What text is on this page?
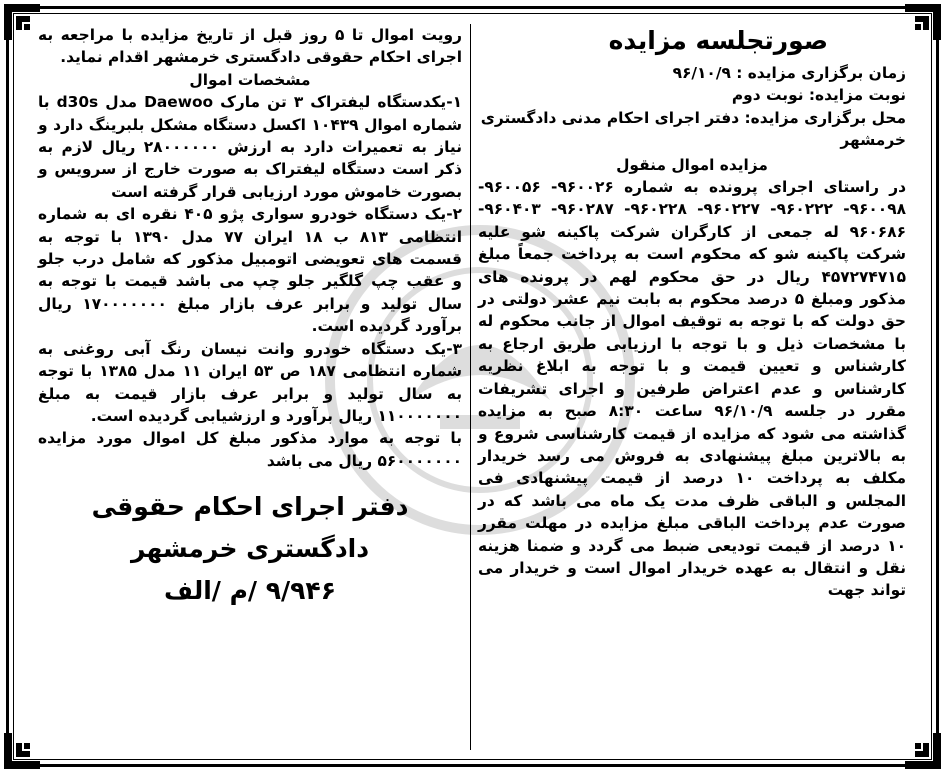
صورتجلسه مزایده

زمان برگزاری مزایده : ۹۶/۱۰/۹

نوبت مزایده: نوبت دوم

محل برگزاری مزایده: دفتر اجرای احکام مدنی دادگستری خرمشهر

مزایده اموال منقول

در راستای اجرای پرونده به شماره ۹۶۰۰۲۶- ۹۶۰۰۵۶- ۹۶۰۰۹۸- ۹۶۰۲۲۲- ۹۶۰۲۲۷- ۹۶۰۲۲۸- ۹۶۰۲۸۷- ۹۶۰۴۰۳- ۹۶۰۶۸۶ له جمعی از کارگران شرکت پاکینه شو علیه شرکت پاکینه شو که محکوم است به پرداخت جمعاً مبلغ ۴۵۷۲۷۴۷۱۵ ریال در حق محکوم لهم در پرونده های مذکور ومبلغ ۵ درصد محکوم به بابت نیم عشر دولتی در حق دولت که با توجه به توقیف اموال از جانب محکوم له با مشخصات ذیل و با توجه با ارزیابی طریق ارجاع به کارشناس و تعیین قیمت و با توجه به ابلاغ نظریه کارشناس و عدم اعتراض طرفین و اجرای تشریفات مقرر در جلسه ۹۶/۱۰/۹ ساعت ۸:۳۰ صبح به مزایده گذاشته می شود که مزایده از قیمت کارشناسی شروع و به بالاترین مبلغ پیشنهادی به فروش می رسد خریدار مکلف به پرداخت ۱۰ درصد از قیمت پیشنهادی فی المجلس و الباقی ظرف مدت یک ماه می باشد که در صورت عدم پرداخت الباقی مبلغ مزایده در مهلت مقرر ۱۰ درصد از قیمت تودیعی ضبط می گردد و ضمنا هزینه نقل و انتقال به عهده خریدار اموال است و خریدار می تواند جهت

رویت اموال تا ۵ روز قبل از تاریخ مزایده با مراجعه به اجرای احکام حقوقی دادگستری خرمشهر اقدام نماید.

مشخصات اموال

۱-یکدستگاه لیفتراک ۳ تن مارک Daewoo مدل d30s با شماره اموال ۱۰۴۳۹ اکسل دستگاه مشکل بلبرینگ دارد و نیاز به تعمیرات دارد به ارزش ۲۸۰۰۰۰۰۰ ریال لازم به ذکر است دستگاه لیفتراک به صورت خارج از سرویس و بصورت خاموش مورد ارزیابی قرار گرفته است

۲-یک دستگاه خودرو سواری پژو ۴۰۵ نقره ای به شماره انتظامی ۸۱۳ ب ۱۸ ایران ۷۷ مدل ۱۳۹۰ با توجه به قسمت های تعویضی اتومبیل مذکور که شامل درب جلو و عقب چپ گلگیر جلو چپ می باشد قیمت با توجه به سال تولید و برابر عرف بازار مبلغ ۱۷۰۰۰۰۰۰۰ ریال برآورد گردیده است.

۳-یک دستگاه خودرو وانت نیسان رنگ آبی روغنی به شماره انتظامی ۱۸۷ ص ۵۳ ایران ۱۱ مدل ۱۳۸۵ با توجه به سال تولید و برابر عرف بازار قیمت به مبلغ ۱۱۰۰۰۰۰۰۰ ریال برآورد و ارزشیابی گردیده است.

با توجه به موارد مذکور مبلغ کل اموال مورد مزایده ۵۶۰۰۰۰۰۰۰ ریال می باشد

دفتر اجرای احکام حقوقی
دادگستری خرمشهر
۹/۹۴۶ /م /الف
